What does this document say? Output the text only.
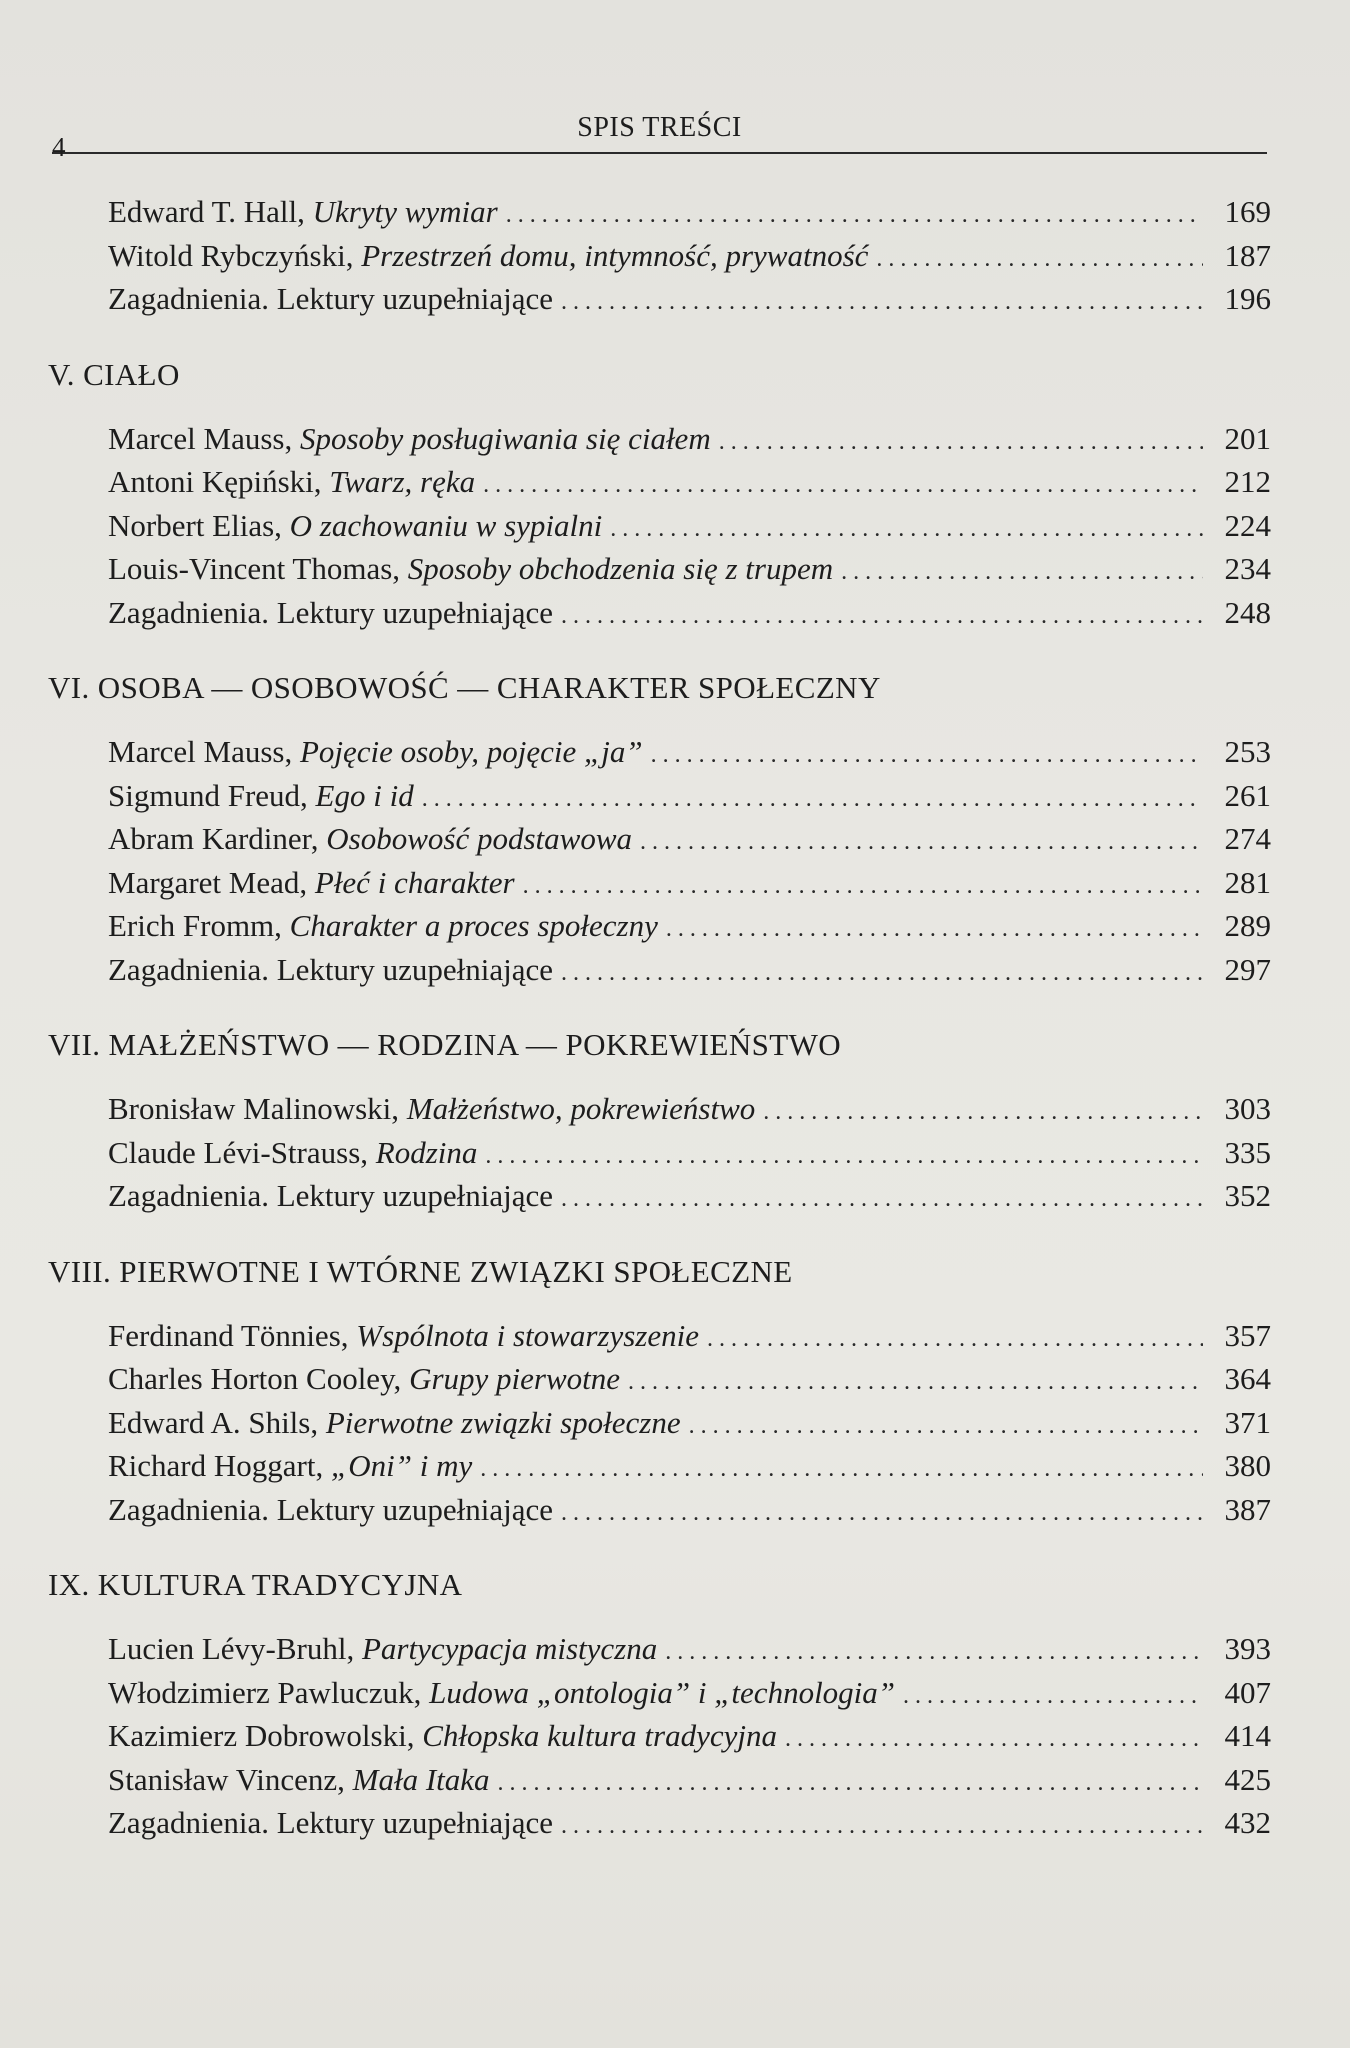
4
SPIS TREŚCI
Edward T. Hall, Ukryty wymiar . . .	169
Witold Rybczyński, Przestrzeń domu, intymność, prywatność . . .	187
Zagadnienia. Lektury uzupełniające . . .	196
V. CIAŁO
Marcel Mauss, Sposoby posługiwania się ciałem . . .	201
Antoni Kępiński, Twarz, ręka . . .	212
Norbert Elias, O zachowaniu w sypialni . . .	224
Louis-Vincent Thomas, Sposoby obchodzenia się z trupem . . .	234
Zagadnienia. Lektury uzupełniające . . .	248
VI. OSOBA — OSOBOWOŚĆ — CHARAKTER SPOŁECZNY
Marcel Mauss, Pojęcie osoby, pojęcie „ja” . . .	253
Sigmund Freud, Ego i id . . .	261
Abram Kardiner, Osobowość podstawowa . . .	274
Margaret Mead, Płeć i charakter . . .	281
Erich Fromm, Charakter a proces społeczny . . .	289
Zagadnienia. Lektury uzupełniające . . .	297
VII. MAŁŻEŃSTWO — RODZINA — POKREWIEŃSTWO
Bronisław Malinowski, Małżeństwo, pokrewieństwo . . .	303
Claude Lévi-Strauss, Rodzina . . .	335
Zagadnienia. Lektury uzupełniające . . .	352
VIII. PIERWOTNE I WTÓRNE ZWIĄZKI SPOŁECZNE
Ferdinand Tönnies, Wspólnota i stowarzyszenie . . .	357
Charles Horton Cooley, Grupy pierwotne . . .	364
Edward A. Shils, Pierwotne związki społeczne . . .	371
Richard Hoggart, „Oni” i my . . .	380
Zagadnienia. Lektury uzupełniające . . .	387
IX. KULTURA TRADYCYJNA
Lucien Lévy-Bruhl, Partycypacja mistyczna . . .	393
Włodzimierz Pawluczuk, Ludowa „ontologia” i „technologia” . . .	407
Kazimierz Dobrowolski, Chłopska kultura tradycyjna . . .	414
Stanisław Vincenz, Mała Itaka . . .	425
Zagadnienia. Lektury uzupełniające . . .	432
